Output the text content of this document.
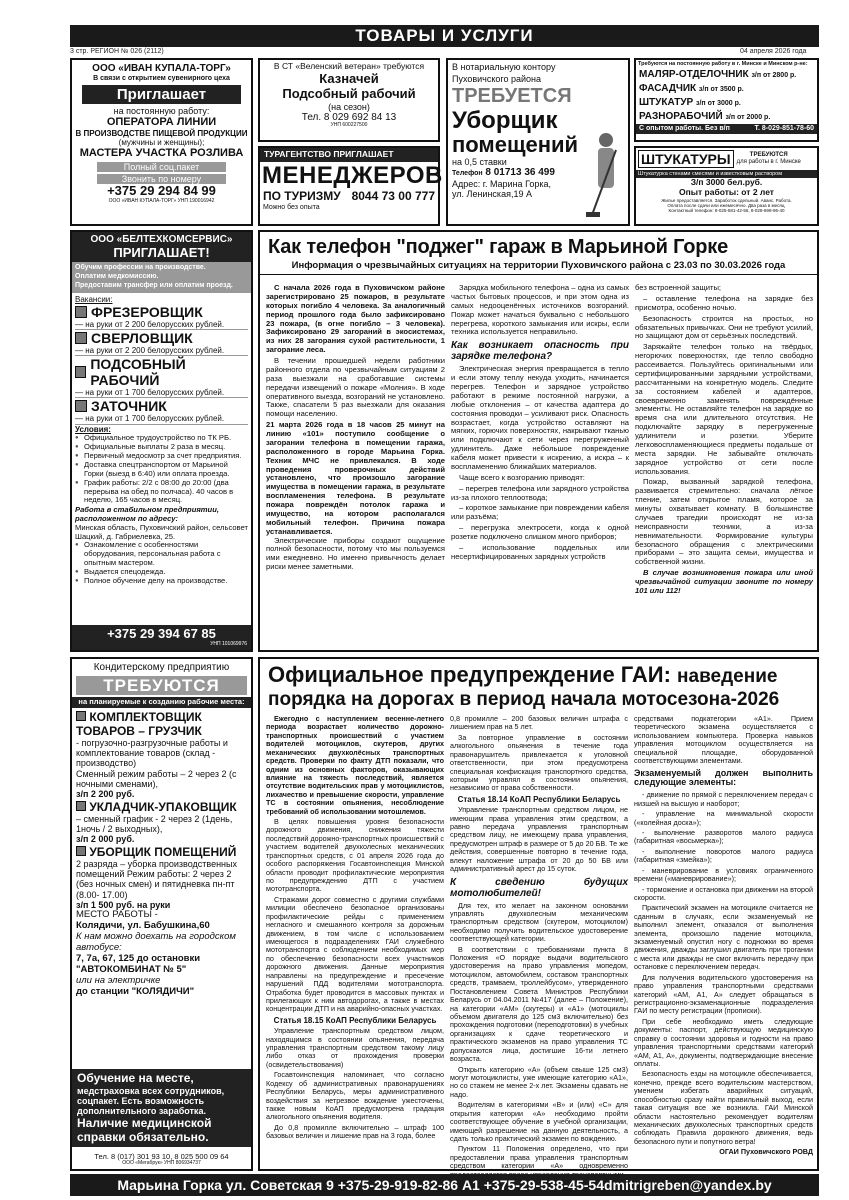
ТОВАРЫ И УСЛУГИ
3 стр. РЕГИОН № 026 (2112)	04 апреля 2026 года
ООО «ИВАН КУПАЛА-ТОРГ»
В связи с открытием сувенирного цеха
Приглашает
на постоянную работу:
ОПЕРАТОРА ЛИНИИ
В ПРОИЗВОДСТВЕ ПИЩЕВОЙ ПРОДУКЦИИ
(мужчины и женщины);
МАСТЕРА УЧАСТКА РОЗЛИВА
Полный соц.пакет
Звонить по номеру
+375 29 294 84 99
ООО «ИВАН КУПАЛА-ТОРГ» УНП 190016942
В СТ «Веленский ветеран» требуются
Казначей
Подсобный рабочий
(на сезон)
Тел. 8 029 692 84 13
УНП 600227500
ТУРАГЕНТСТВО ПРИГЛАШАЕТ
МЕНЕДЖЕРОВ
ПО ТУРИЗМУ 8044 73 00 777
Можно без опыта
В нотариальную контору
Пуховичского района
ТРЕБУЕТСЯ
Уборщик
помещений
на 0,5 ставки
Телефон 8 01713 36 499
Адрес: г. Марина Горка,
ул. Ленинская,19 А
Требуются на постоянную работу в г. Минске и Минском р-не:
МАЛЯР-ОТДЕЛОЧНИК з/п от 2800 р.
ФАСАДЧИК з/п от 3500 р.
ШТУКАТУР з/п от 3000 р.
РАЗНОРАБОЧИЙ з/п от 2000 р.
С опытом работы. Без в/п	Т. 8-029-851-78-60
ШТУКАТУРЫ	ТРЕБУЮТСЯ
для работы в г. Минске
Штукатурка стенами смесями и известковым раствором
З/п 3000 бел.руб.
Опыт работы: от 2 лет
Жилье предоставляется. Заработок сдельный. Аванс. Работа.
Оплата после сдачи или ежемесячно. Два раза в месяц.
Контактный телефон: 8-025-581-42-56, 8-029-698-96-40
ООО «БЕЛТЕХКОМСЕРВИС»
ПРИГЛАШАЕТ!
Обучим профессии на производстве.
Оплатим медкомиссию.
Предоставим трансфер или оплатим проезд.
Вакансии:
ФРЕЗЕРОВЩИК
— на руки от 2 200 белорусских рублей.
СВЕРЛОВЩИК
— на руки от 2 200 белорусских рублей.
ПОДСОБНЫЙ РАБОЧИЙ
— на руки от 1 700 белорусских рублей.
ЗАТОЧНИК
— на руки от 1 700 белорусских рублей.
Условия:
● Официальное трудоустройство по ТК РБ.
● Официальные выплаты 2 раза в месяц.
● Первичный медосмотр за счет предприятия.
● Доставка спецтранспортом от Марьиной Горки (выезд в 6:40) или оплата проезда.
● График работы: 2/2 с 08:00 до 20:00 (два перерыва на обед по полчаса). 40 часов в неделю, 165 часов в месяц.
Работа в стабильном предприятии, расположенном по адресу:
Минская область, Пуховичский район, сельсовет Шацкий, д. Габриелевка, 25.
● Ознакомление с особенностями оборудования, персональная работа с опытным мастером.
● Выдается спецодежда.
● Полное обучение делу на производстве.
+375 29 394 67 85
УНП 101069976
Как телефон "поджег" гараж в Марьиной Горке
Информация о чрезвычайных ситуациях на территории Пуховичского района с 23.03 по 30.03.2026 года

С начала 2026 года в Пуховичском районе зарегистрировано 25 пожаров, в результате которых погибло 4 человека. За аналогичный период прошлого года было зафиксировано 23 пожара, (в огне погибло – 3 человека). Зафиксировано 29 загораний в экосистемах, из них 28 загорания сухой растительности, 1 загорание леса.

В течении прошедшей недели работники районного отдела по чрезвычайным ситуациям 2 раза выезжали на сработавшие системы передачи извещений о пожаре «Молния». В ходе оперативного выезда, возгораний не установлено. Также, спасатели 5 раз выезжали для оказания помощи населению.

21 марта 2026 года в 18 часов 25 минут на линию «101» поступило сообщение о загорании телефона в помещении гаража, расположенного в городе Марьина Горка. Техник МЧС не привлекался. В ходе проведения проверочных действий установлено, что произошло загорание имущества в помещении гаража, в результате воспламенения телефона. В результате пожара повреждён потолок гаража и имущество, на котором располагался мобильный телефон. Причина пожара устанавливается.

Электрические приборы создают ощущение полной безопасности, потому что мы пользуемся ими ежедневно. Но именно привычность делает риски менее заметными.

Зарядка мобильного телефона – одна из самых частых бытовых процессов, и при этом одна из самых недооценённых источников возгораний. Пожар может начаться буквально с небольшого перегрева, короткого замыкания или искры, если техника используется неправильно.

Как возникает опасность при зарядке телефона?

Электрическая энергия превращается в тепло и если этому теплу некуда уходить, начинается перегрев. Телефон и зарядное устройство работают в режиме постоянной нагрузки, а любые отклонения – от качества адаптера до состояния проводки – усиливают риск. Опасность возрастает, когда устройство оставляют на мягких, горючих поверхностях, накрывают тканью или подключают к сети через перегруженный удлинитель. Даже небольшое повреждение кабеля может привести к искрению, а искра – к воспламенению ближайших материалов.

Чаще всего к возгоранию приводят:

– перегрев телефона или зарядного устройства из-за плохого теплоотвода;

– короткое замыкание при повреждении кабеля или разъёма;

– перегрузка электросети, когда к одной розетке подключено слишком много приборов;

– использование поддельных или несертифицированных зарядных устройств

без встроенной защиты;

– оставление телефона на зарядке без присмотра, особенно ночью.

Безопасность строится на простых, но обязательных привычках. Они не требуют усилий, но защищают дом от серьёзных последствий.

Заряжайте телефон только на твёрдых, негорючих поверхностях, где тепло свободно рассеивается. Пользуйтесь оригинальными или сертифицированными зарядными устройствами, рассчитанными на конкретную модель. Следите за состоянием кабелей и адаптеров, своевременно заменять повреждённые элементы. Не оставляйте телефон на зарядке во время сна или длительного отсутствия. Не подключайте зарядку в перегруженные удлинители и розетки. Уберите легковоспламеняющиеся предметы подальше от места зарядки. Не забывайте отключать зарядное устройство от сети после использования.

Пожар, вызванный зарядкой телефона, развивается стремительно: сначала лёгкое тление, затем открытое пламя, которое за минуты охватывает комнату. В большинстве случаев трагедии происходят не из-за неисправности техники, а из-за невнимательности. Формирование культуры безопасного обращения с электрическими приборами – это защита семьи, имущества и собственной жизни.

В случае возникновения пожара или иной чрезвычайной ситуации звоните по номеру 101 или 112!

Кондитерскому предприятию
ТРЕБУЮТСЯ
на планируемые к созданию рабочие места:
КОМПЛЕКТОВЩИК ТОВАРОВ – ГРУЗЧИК
- погрузочно-разгрузочные работы и комплектование товаров (склад - производство)
Сменный режим работы – 2 через 2 (с ночными сменами),
з/п 2 200 руб.
УКЛАДЧИК-УПАКОВЩИК
– сменный график - 2 через 2 (1день, 1ночь / 2 выходных),
з/п 2 000 руб.
УБОРЩИК ПОМЕЩЕНИЙ
2 разряда – уборка производственных помещений Режим работы: 2 через 2 (без ночных смен) и пятидневка пн-пт (8.00- 17.00)
з/п 1 500 руб. на руки
МЕСТО РАБОТЫ -
Колядичи, ул. Бабушкина,60
К нам можно доехать на городском автобусе:
7, 7а, 67, 125 до остановки
"АВТОКОМБИНАТ № 5"
или на электричке
до станции "КОЛЯДИЧИ"
Обучение на месте,
медстраховка всех сотрудников, соцпакет. Есть возможность дополнительного заработка.
Наличие медицинской справки обязательно.
Тел. 8 (017) 301 93 10, 8 025 500 09 64
ООО «Мегабрук» УНП 806934737
Официальное предупреждение ГАИ: наведение
порядка на дорогах в период начала мотосезона-2026

Ежегодно с наступлением весенне-летнего периода возрастает количество дорожно-транспортных происшествий с участием водителей мотоциклов, скутеров, других механических двухколёсных транспортных средств. Проверки по факту ДТП показали, что одним из основных факторов, оказывающих влияние на тяжесть последствий, является отсутствие водительских прав у мотоциклистов, лихачество и превышение скорости, управление ТС в состоянии опьянения, несоблюдение требований об использовании мотошлемов.

В целях повышения уровня безопасности дорожного движения, снижения тяжести последствий дорожно-транспортных происшествий с участием водителей двухколесных механических транспортных средств, с 01 апреля 2026 года до особого распоряжения Госавтоинспекция Минской области проводит профилактические мероприятия по предупреждению ДТП с участием мототранспорта.

Стражами дорог совместно с другими службами милиции обеспечено безопасное организованы профилактические рейды с применением негласного и смешанного контроля за дорожным движением, в том числе с использованием имеющегося в подразделениях ГАИ служебного мототранспорта с соблюдением необходимых мер по обеспечению безопасности всех участников дорожного движения. Данные мероприятия направлены на предупреждение и пресечение нарушений ПДД водителями мототранспорта. Отработка будет проводится в массовых пунктах и прилегающих к ним автодорогах, а также в местах концентрации ДТП и на аварийно-опасных участках.

Статья 18.15 КоАП Республики Беларусь

Управление транспортным средством лицом, находящимся в состоянии опьянения, передача управления транспортным средством такому лицу либо отказ от прохождения проверки (освидетельствования)

Госавтоинспекция напоминает, что согласно Кодексу об административных правонарушениях Республики Беларусь, меры административного воздействия за нетрезвое вождение ужесточены, также новым КоАП предусмотрена градация алкогольного опьянения водителя.

До 0,8 промилле включительно – штраф 100 базовых величин и лишение прав на 3 года, более

0,8 промилле – 200 базовых величин штрафа с лишением прав на 5 лет.

За повторное управление в состоянии алкогольного опьянения в течение года правонарушитель привлекается к уголовной ответственности, при этом предусмотрена специальная конфискация транспортного средства, которым управлял в состоянии опьянения, независимо от права собственности.

Статья 18.14 КоАП Республики Беларусь

Управление транспортным средством лицом, не имеющим права управления этим средством, а равно передача управления транспортным средством лицу, не имеющему права управления, предусмотрен штраф в размере от 5 до 20 БВ. Те же действия, совершенные повторно в течение года, влекут наложение штрафа от 20 до 50 БВ или административный арест до 15 суток.

К сведению будущих мотолюбителей!

Для тех, кто желает на законном основании управлять двухколесным механическим транспортным средством (скутером, мотоциклом) необходимо получить водительское удостоверение соответствующей категории.

В соответствии с требованиями пункта 8 Положения «О порядке выдачи водительского удостоверения на право управления мопедом, мотоциклом, автомобилем, составом транспортных средств, трамваем, троллейбусом», утвержденного Постановлением Совета Министров Республики Беларусь от 04.04.2011 №417 (далее – Положение), на категории «АМ» (скутеры) и «А1» (мотоциклы объемом двигателя до 125 см3 включительно) без прохождения подготовки (переподготовки) в учебных организациях к сдаче теоретического и практического экзаменов на право управления ТС допускаются лица, достигшие 16-ти летнего возраста.

Открыть категорию «А» (объем свыше 125 см3) могут мотоциклисты, уже имеющие категорию «А1», но со стажем не менее 2-х лет. Экзамены сдавать не надо.

Водителям в категориями «В» и (или) «С» для открытия категории «А» необходимо пройти соответствующее обучение в учебной организации, имеющей разрешение на данную деятельность, а сдать только практический экзамен по вождению.

Пунктом 11 Положения определено, что при предоставлении права управления транспортным средством категории «А» одновременно

средствами подкатегории «А1». Прием теоретического экзамена осуществляется с использованием компьютера. Проверка навыков управления мотоциклом осуществляется на специальной площадке, оборудованной соответствующими элементами.

Экзаменуемый должен выполнить следующие элементы:

- движение по прямой с переключением передач с низшей на высшую и наоборот;

- управление на минимальной скорости («колейная доска»);

- выполнение разворотов малого радиуса (габаритная «восьмерка»);

- выполнение поворотов малого радиуса (габаритная «змейка»);

- маневрирование в условиях ограниченного времени («маневрирование»);

- торможение и остановка при движении на второй скорости.

Практический экзамен на мотоцикле считается не сданным в случаях, если экзаменуемый не выполнил элемент, отказался от выполнения элемента, произошло падение мотоцикла, экзаменуемый опустил ногу с подножки во время движения, дважды заглушил двигатель при трогании с места или дважды не смог включить передачу при остановке с переключением передач.

Для получения водительского удостоверения на право управления транспортными средствами категорий «АМ, А1, А» следует обращаться в регистрационно-экзаменационные подразделения ГАИ по месту регистрации (прописки).

При себе необходимо иметь следующие документы: паспорт, действующую медицинскую справку о состоянии здоровья и годности на право управления транспортными средствами категорий «АМ, А1, А», документы, подтверждающие внесение оплаты.

Безопасность езды на мотоцикле обеспечивается, конечно, прежде всего водительским мастерством, умением избегать аварийных ситуаций, способностью сразу найти правильный выход, если такая ситуация все же возникла. ГАИ Минской области настоятельно рекомендует водителям механических двухколесных транспортных средств соблюдать Правила дорожного движения, ведь безопасного пути и попутного ветра!

ОГАИ Пуховичского РОВД

Марьина Горка ул. Советская 9 +375-29-919-82-86 A1 +375-29-538-45-54dmitrigreben@yandex.by
